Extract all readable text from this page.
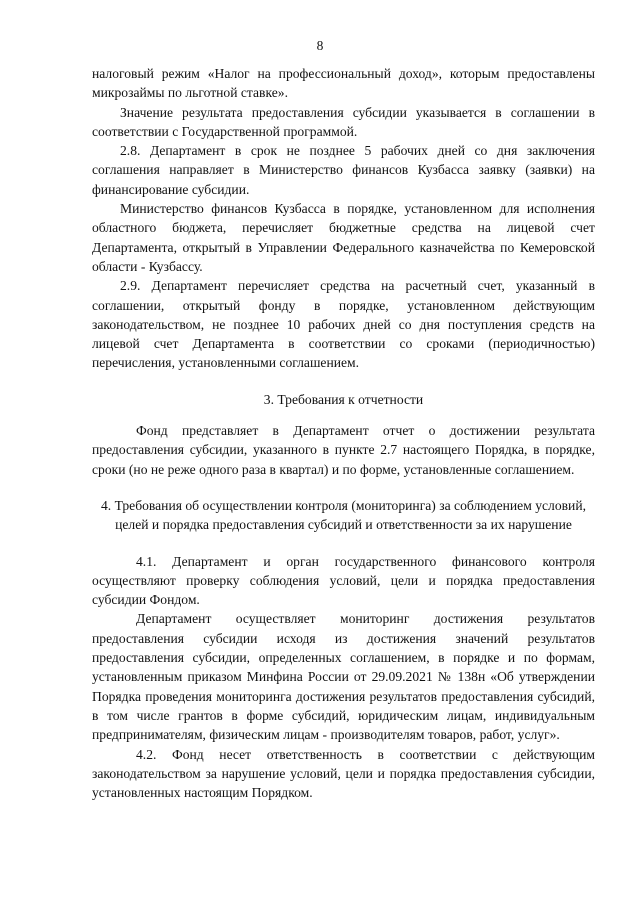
8

налоговый режим «Налог на профессиональный доход», которым предоставлены микрозаймы по льготной ставке».

Значение результата предоставления субсидии указывается в соглашении в соответствии с Государственной программой.

2.8. Департамент в срок не позднее 5 рабочих дней со дня заключения соглашения направляет в Министерство финансов Кузбасса заявку (заявки) на финансирование субсидии.

Министерство финансов Кузбасса в порядке, установленном для исполнения областного бюджета, перечисляет бюджетные средства на лицевой счет Департамента, открытый в Управлении Федерального казначейства по Кемеровской области - Кузбассу.

2.9. Департамент перечисляет средства на расчетный счет, указанный в соглашении, открытый фонду в порядке, установленном действующим законодательством, не позднее 10 рабочих дней со дня поступления средств на лицевой счет Департамента в соответствии со сроками (периодичностью) перечисления, установленными соглашением.

3. Требования к отчетности

Фонд представляет в Департамент отчет о достижении результата предоставления субсидии, указанного в пункте 2.7 настоящего Порядка, в порядке, сроки (но не реже одного раза в квартал) и по форме, установленные соглашением.

4. Требования об осуществлении контроля (мониторинга) за соблюдением условий, целей и порядка предоставления субсидий и ответственности за их нарушение

4.1. Департамент и орган государственного финансового контроля осуществляют проверку соблюдения условий, цели и порядка предоставления субсидии Фондом.

Департамент осуществляет мониторинг достижения результатов предоставления субсидии исходя из достижения значений результатов предоставления субсидии, определенных соглашением, в порядке и по формам, установленным приказом Минфина России от 29.09.2021 № 138н «Об утверждении Порядка проведения мониторинга достижения результатов предоставления субсидий, в том числе грантов в форме субсидий, юридическим лицам, индивидуальным предпринимателям, физическим лицам - производителям товаров, работ, услуг».

4.2. Фонд несет ответственность в соответствии с действующим законодательством за нарушение условий, цели и порядка предоставления субсидии, установленных настоящим Порядком.
